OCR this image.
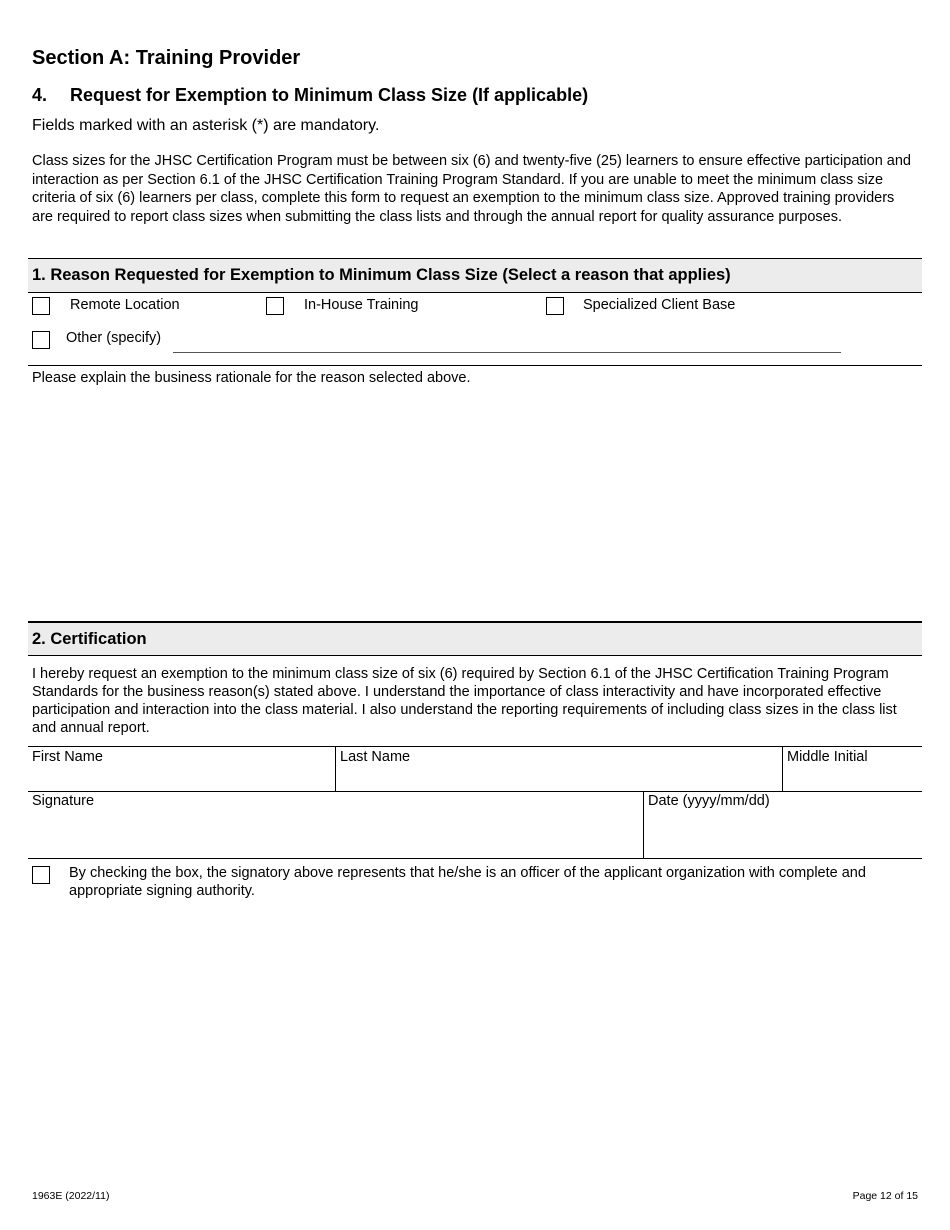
Section A: Training Provider
4. Request for Exemption to Minimum Class Size (If applicable)
Fields marked with an asterisk (*) are mandatory.
Class sizes for the JHSC Certification Program must be between six (6) and twenty-five (25) learners to ensure effective participation and interaction as per Section 6.1 of the JHSC Certification Training Program Standard. If you are unable to meet the minimum class size criteria of six (6) learners per class, complete this form to request an exemption to the minimum class size. Approved training providers are required to report class sizes when submitting the class lists and through the annual report for quality assurance purposes.
1. Reason Requested for Exemption to Minimum Class Size (Select a reason that applies)
Remote Location	In-House Training	Specialized Client Base
Other (specify)
Please explain the business rationale for the reason selected above.
2. Certification
I hereby request an exemption to the minimum class size of six (6) required by Section 6.1 of the JHSC Certification Training Program Standards for the business reason(s) stated above. I understand the importance of class interactivity and have incorporated effective participation and interaction into the class material. I also understand the reporting requirements of including class sizes in the class list and annual report.
First Name	Last Name	Middle Initial
Signature	Date (yyyy/mm/dd)
By checking the box, the signatory above represents that he/she is an officer of the applicant organization with complete and appropriate signing authority.
1963E (2022/11)	Page 12 of 15
